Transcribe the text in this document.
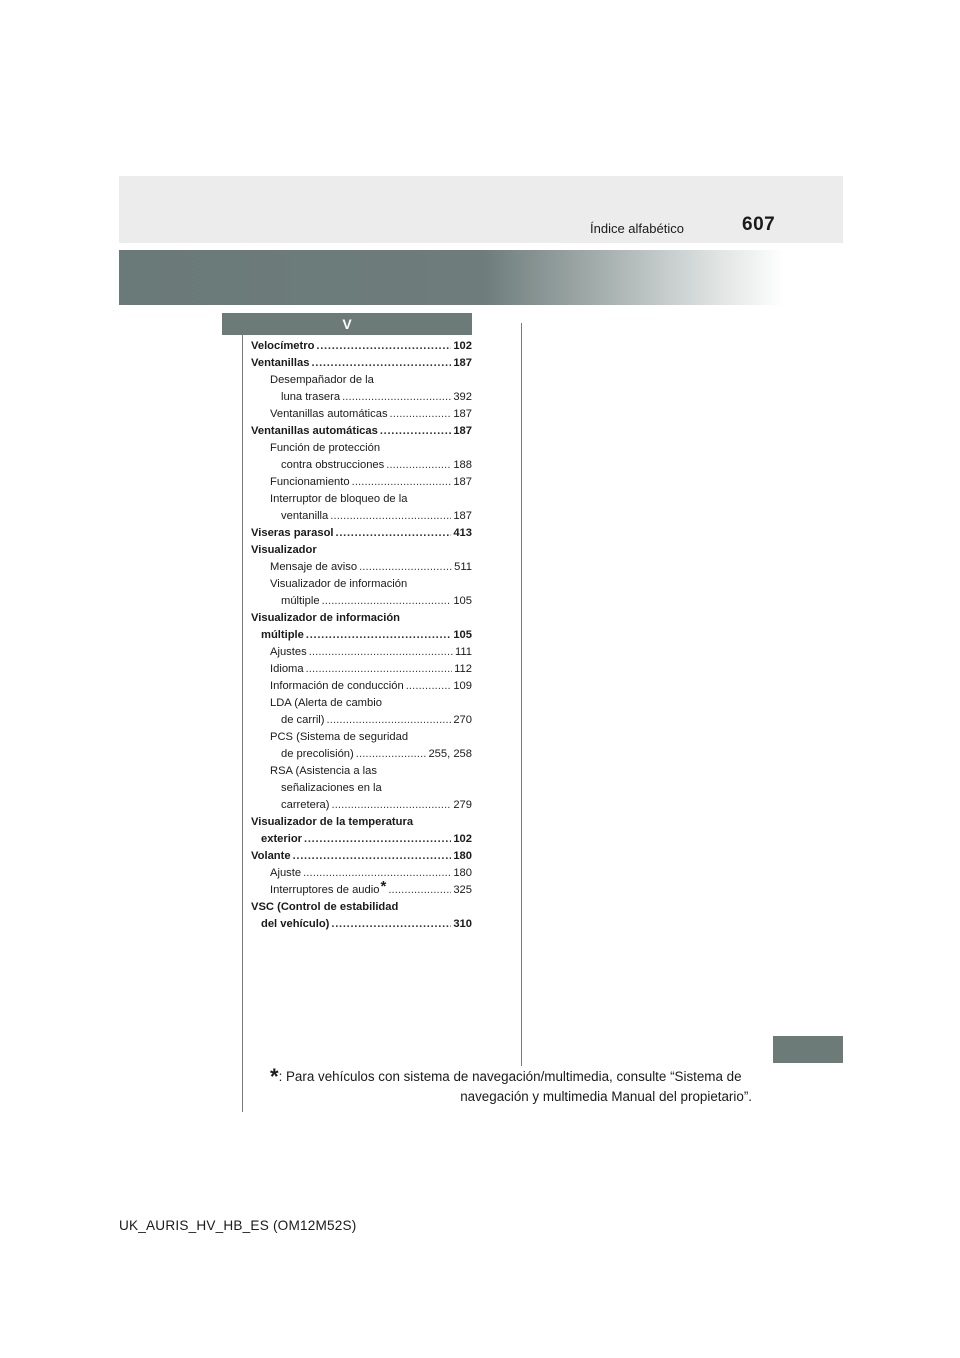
607
Índice alfabético
V
Velocímetro . . .	102
Ventanillas . . .	187
Desempañador de la
luna trasera . . .	392
Ventanillas automáticas . . .	187
Ventanillas automáticas . . .	187
Función de protección
contra obstrucciones . . .	188
Funcionamiento . . .	187
Interruptor de bloqueo de la
ventanilla . . .	187
Viseras parasol . . .	413
Visualizador
Mensaje de aviso . . .	511
Visualizador de información
múltiple . . .	105
Visualizador de información
múltiple . . .	105
Ajustes . . .	111
Idioma . . .	112
Información de conducción . . .	109
LDA (Alerta de cambio
de carril) . . .	270
PCS (Sistema de seguridad
de precolisión) . . .	255, 258
RSA (Asistencia a las
señalizaciones en la
carretera) . . .	279
Visualizador de la temperatura
exterior . . .	102
Volante . . .	180
Ajuste . . .	180
Interruptores de audio * . . .	325
VSC (Control de estabilidad
del vehículo) . . .	310
*: Para vehículos con sistema de navegación/multimedia, consulte “Sistema de
navegación y multimedia Manual del propietario”.
UK_AURIS_HV_HB_ES (OM12M52S)
